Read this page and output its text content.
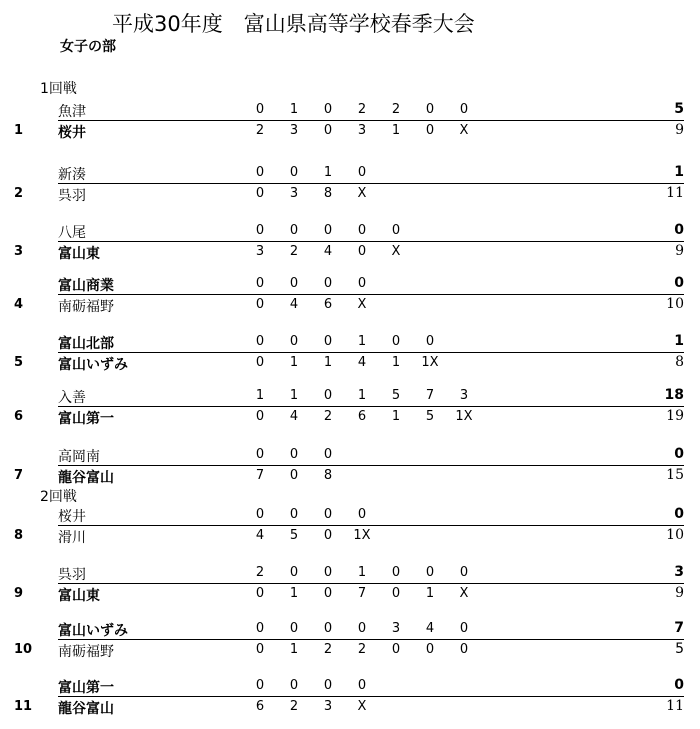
平成30年度　富山県高等学校春季大会
女子の部
1回戦
2回戦
魚津	0	1	0	2	2	0	0	5
1	桜井	2	3	0	3	1	0	X	9
新湊	0	0	1	0	1
2	呉羽	0	3	8	X	11
八尾	0	0	0	0	0	0
3	富山東	3	2	4	0	X	9
富山商業	0	0	0	0	0
4	南砺福野	0	4	6	X	10
富山北部	0	0	0	1	0	0	1
5	富山いずみ	0	1	1	4	1	1X	8
入善	1	1	0	1	5	7	3	18
6	富山第一	0	4	2	6	1	5	1X	19
高岡南	0	0	0	0
7	龍谷富山	7	0	8	15
桜井	0	0	0	0	0
8	滑川	4	5	0	1X	10
呉羽	2	0	0	1	0	0	0	3
9	富山東	0	1	0	7	0	1	X	9
富山いずみ	0	0	0	0	3	4	0	7
10 南砺福野	0	1	2	2	0	0	0	5
富山第一	0	0	0	0	0
11 龍谷富山	6	2	3	X	11
